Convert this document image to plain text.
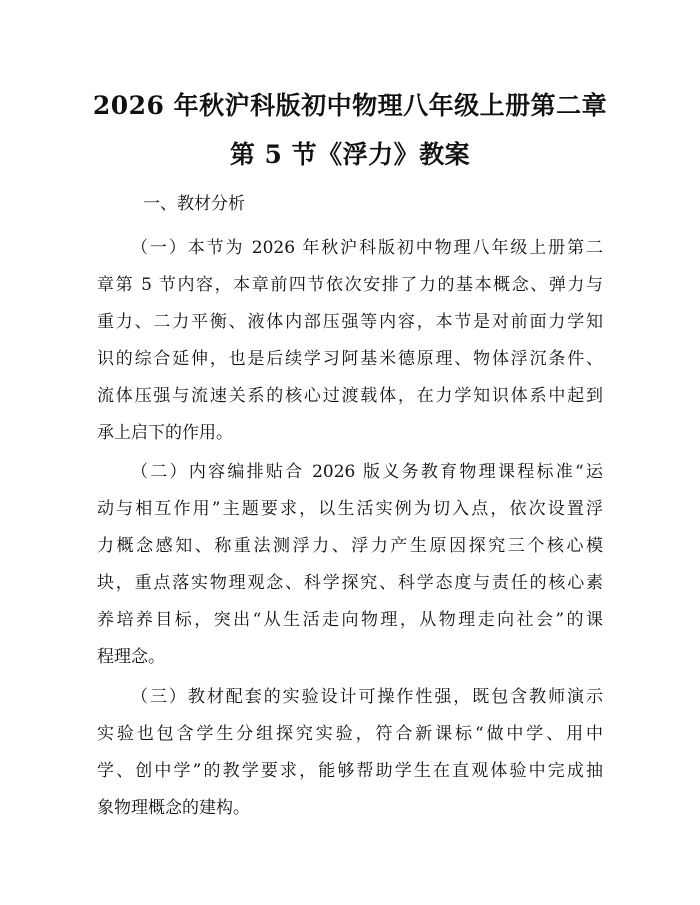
2026 年秋沪科版初中物理八年级上册第二章
第 5 节《浮力》教案
一、教材分析
（一）本节为 2026 年秋沪科版初中物理八年级上册第二
章第 5 节内容，本章前四节依次安排了力的基本概念、弹力与
重力、二力平衡、液体内部压强等内容，本节是对前面力学知
识的综合延伸，也是后续学习阿基米德原理、物体浮沉条件、
流体压强与流速关系的核心过渡载体，在力学知识体系中起到
承上启下的作用。
（二）内容编排贴合 2026 版义务教育物理课程标准“运
动与相互作用”主题要求，以生活实例为切入点，依次设置浮
力概念感知、称重法测浮力、浮力产生原因探究三个核心模
块，重点落实物理观念、科学探究、科学态度与责任的核心素
养培养目标，突出“从生活走向物理，从物理走向社会”的课
程理念。
（三）教材配套的实验设计可操作性强，既包含教师演示
实验也包含学生分组探究实验，符合新课标“做中学、用中
学、创中学”的教学要求，能够帮助学生在直观体验中完成抽
象物理概念的建构。
